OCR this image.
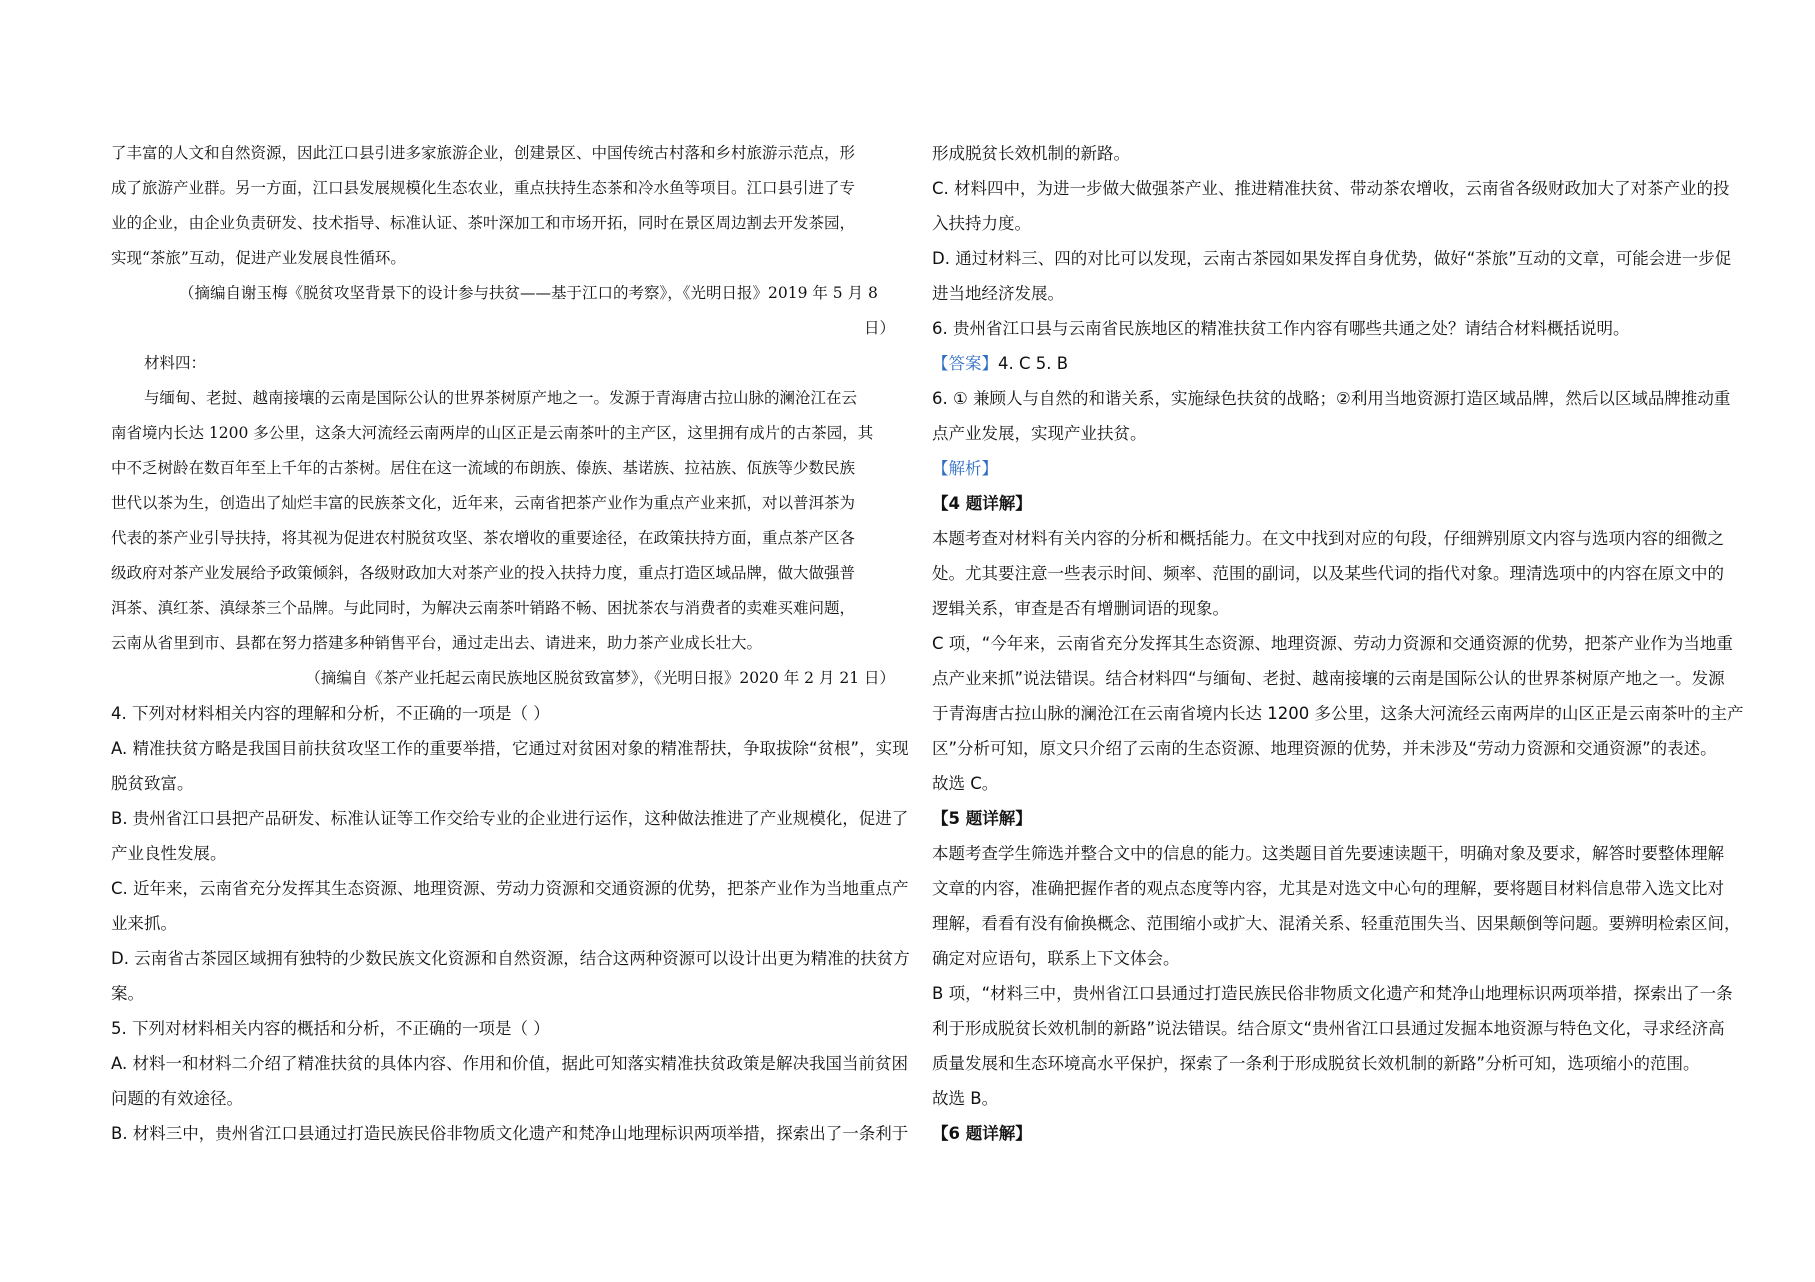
了丰富的人文和自然资源，因此江口县引进多家旅游企业，创建景区、中国传统古村落和乡村旅游示范点，形
成了旅游产业群。另一方面，江口县发展规模化生态农业，重点扶持生态茶和冷水鱼等项目。江口县引进了专
业的企业，由企业负责研发、技术指导、标准认证、茶叶深加工和市场开拓，同时在景区周边割去开发茶园，
实现“茶旅”互动，促进产业发展良性循环。
（摘编自谢玉梅《脱贫攻坚背景下的设计参与扶贫——基于江口的考察》，《光明日报》2019 年 5 月 8
日）
材料四：
与缅甸、老挝、越南接壤的云南是国际公认的世界茶树原产地之一。发源于青海唐古拉山脉的澜沧江在云
南省境内长达 1200 多公里，这条大河流经云南两岸的山区正是云南茶叶的主产区，这里拥有成片的古茶园，其
中不乏树龄在数百年至上千年的古茶树。居住在这一流域的布朗族、傣族、基诺族、拉祜族、佤族等少数民族
世代以茶为生，创造出了灿烂丰富的民族茶文化，近年来，云南省把茶产业作为重点产业来抓，对以普洱茶为
代表的茶产业引导扶持，将其视为促进农村脱贫攻坚、茶农增收的重要途径，在政策扶持方面，重点茶产区各
级政府对茶产业发展给予政策倾斜，各级财政加大对茶产业的投入扶持力度，重点打造区域品牌，做大做强普
洱茶、滇红茶、滇绿茶三个品牌。与此同时，为解决云南茶叶销路不畅、困扰茶农与消费者的卖难买难问题，
云南从省里到市、县都在努力搭建多种销售平台，通过走出去、请进来，助力茶产业成长壮大。
（摘编自《茶产业托起云南民族地区脱贫致富梦》，《光明日报》2020 年 2 月 21 日）
4. 下列对材料相关内容的理解和分析，不正确的一项是（ ）
A. 精准扶贫方略是我国目前扶贫攻坚工作的重要举措，它通过对贫困对象的精准帮扶，争取拔除“贫根”，实现
脱贫致富。
B. 贵州省江口县把产品研发、标准认证等工作交给专业的企业进行运作，这种做法推进了产业规模化，促进了
产业良性发展。
C. 近年来，云南省充分发挥其生态资源、地理资源、劳动力资源和交通资源的优势，把茶产业作为当地重点产
业来抓。
D. 云南省古茶园区域拥有独特的少数民族文化资源和自然资源，结合这两种资源可以设计出更为精准的扶贫方
案。
5. 下列对材料相关内容的概括和分析，不正确的一项是（ ）
A. 材料一和材料二介绍了精准扶贫的具体内容、作用和价值，据此可知落实精准扶贫政策是解决我国当前贫困
问题的有效途径。
B. 材料三中，贵州省江口县通过打造民族民俗非物质文化遗产和梵净山地理标识两项举措，探索出了一条利于
形成脱贫长效机制的新路。
C. 材料四中，为进一步做大做强茶产业、推进精准扶贫、带动茶农增收，云南省各级财政加大了对茶产业的投
入扶持力度。
D. 通过材料三、四的对比可以发现，云南古茶园如果发挥自身优势，做好“茶旅”互动的文章，可能会进一步促
进当地经济发展。
6. 贵州省江口县与云南省民族地区的精准扶贫工作内容有哪些共通之处？请结合材料概括说明。
【答案】4. C 5. B
6. ① 兼顾人与自然的和谐关系，实施绿色扶贫的战略；②利用当地资源打造区域品牌，然后以区域品牌推动重
点产业发展，实现产业扶贫。
【解析】
【4 题详解】
本题考查对材料有关内容的分析和概括能力。在文中找到对应的句段，仔细辨别原文内容与选项内容的细微之
处。尤其要注意一些表示时间、频率、范围的副词，以及某些代词的指代对象。理清选项中的内容在原文中的
逻辑关系，审查是否有增删词语的现象。
C 项，“今年来，云南省充分发挥其生态资源、地理资源、劳动力资源和交通资源的优势，把茶产业作为当地重
点产业来抓”说法错误。结合材料四“与缅甸、老挝、越南接壤的云南是国际公认的世界茶树原产地之一。发源
于青海唐古拉山脉的澜沧江在云南省境内长达 1200 多公里，这条大河流经云南两岸的山区正是云南茶叶的主产
区”分析可知，原文只介绍了云南的生态资源、地理资源的优势，并未涉及“劳动力资源和交通资源”的表述。
故选 C。
【5 题详解】
本题考查学生筛选并整合文中的信息的能力。这类题目首先要速读题干，明确对象及要求，解答时要整体理解
文章的内容，准确把握作者的观点态度等内容，尤其是对选文中心句的理解，要将题目材料信息带入选文比对
理解，看看有没有偷换概念、范围缩小或扩大、混淆关系、轻重范围失当、因果颠倒等问题。要辨明检索区间，
确定对应语句，联系上下文体会。
B 项，“材料三中，贵州省江口县通过打造民族民俗非物质文化遗产和梵净山地理标识两项举措，探索出了一条
利于形成脱贫长效机制的新路”说法错误。结合原文“贵州省江口县通过发掘本地资源与特色文化，寻求经济高
质量发展和生态环境高水平保护，探索了一条利于形成脱贫长效机制的新路”分析可知，选项缩小的范围。
故选 B。
【6 题详解】
